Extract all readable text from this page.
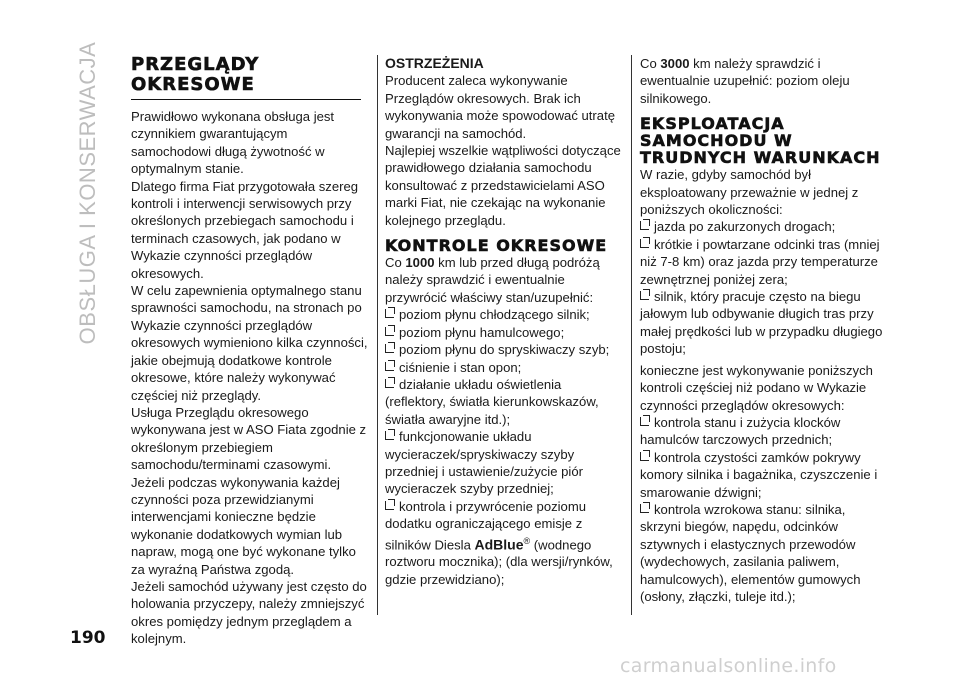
OBSŁUGA I KONSERWACJA PRZEGLĄDY
OKRESOWE

Prawidłowo wykonana obsługa jest czynnikiem gwarantującym samochodowi długą żywotność w optymalnym stanie.

Dlatego firma Fiat przygotowała szereg kontroli i interwencji serwisowych przy określonych przebiegach samochodu i terminach czasowych, jak podano w Wykazie czynności przeglądów okresowych.

W celu zapewnienia optymalnego stanu sprawności samochodu, na stronach po Wykazie czynności przeglądów okresowych wymieniono kilka czynności, jakie obejmują dodatkowe kontrole okresowe, które należy wykonywać częściej niż przeglądy.

Usługa Przeglądu okresowego wykonywana jest w ASO Fiata zgodnie z określonym przebiegiem samochodu/terminami czasowymi.

Jeżeli podczas wykonywania każdej czynności poza przewidzianymi interwencjami konieczne będzie wykonanie dodatkowych wymian lub napraw, mogą one być wykonane tylko za wyraźną Państwa zgodą.

Jeżeli samochód używany jest często do holowania przyczepy, należy zmniejszyć okres pomiędzy jednym przeglądem a kolejnym.

OSTRZEŻENIA

Producent zaleca wykonywanie Przeglądów okresowych. Brak ich wykonywania może spowodować utratę gwarancji na samochód.

Najlepiej wszelkie wątpliwości dotyczące prawidłowego działania samochodu konsultować z przedstawicielami ASO marki Fiat, nie czekając na wykonanie kolejnego przeglądu.

KONTROLE OKRESOWE

Co 1000 km lub przed długą podróżą należy sprawdzić i ewentualnie przywrócić właściwy stan/uzupełnić:

poziom płynu chłodzącego silnik;

poziom płynu hamulcowego;

poziom płynu do spryskiwaczy szyb;

ciśnienie i stan opon;

działanie układu oświetlenia (reflektory, światła kierunkowskazów, światła awaryjne itd.);

funkcjonowanie układu wycieraczek/spryskiwaczy szyby przedniej i ustawienie/zużycie piór wycieraczek szyby przedniej;

kontrola i przywrócenie poziomu dodatku ograniczającego emisje z silników Diesla AdBlue® (wodnego roztworu mocznika); (dla wersji/rynków, gdzie przewidziano);

Co 3000 km należy sprawdzić i ewentualnie uzupełnić: poziom oleju silnikowego.

EKSPLOATACJA
SAMOCHODU W
TRUDNYCH WARUNKACH

W razie, gdyby samochód był eksploatowany przeważnie w jednej z poniższych okoliczności:

jazda po zakurzonych drogach;

krótkie i powtarzane odcinki tras (mniej niż 7-8 km) oraz jazda przy temperaturze zewnętrznej poniżej zera;

silnik, który pracuje często na biegu jałowym lub odbywanie długich tras przy małej prędkości lub w przypadku długiego postoju;

konieczne jest wykonywanie poniższych kontroli częściej niż podano w Wykazie czynności przeglądów okresowych:

kontrola stanu i zużycia klocków hamulców tarczowych przednich;

kontrola czystości zamków pokrywy komory silnika i bagażnika, czyszczenie i smarowanie dźwigni;

kontrola wzrokowa stanu: silnika, skrzyni biegów, napędu, odcinków sztywnych i elastycznych przewodów (wydechowych, zasilania paliwem, hamulcowych), elementów gumowych (osłony, złączki, tuleje itd.);

190
carmanualsonline.info
